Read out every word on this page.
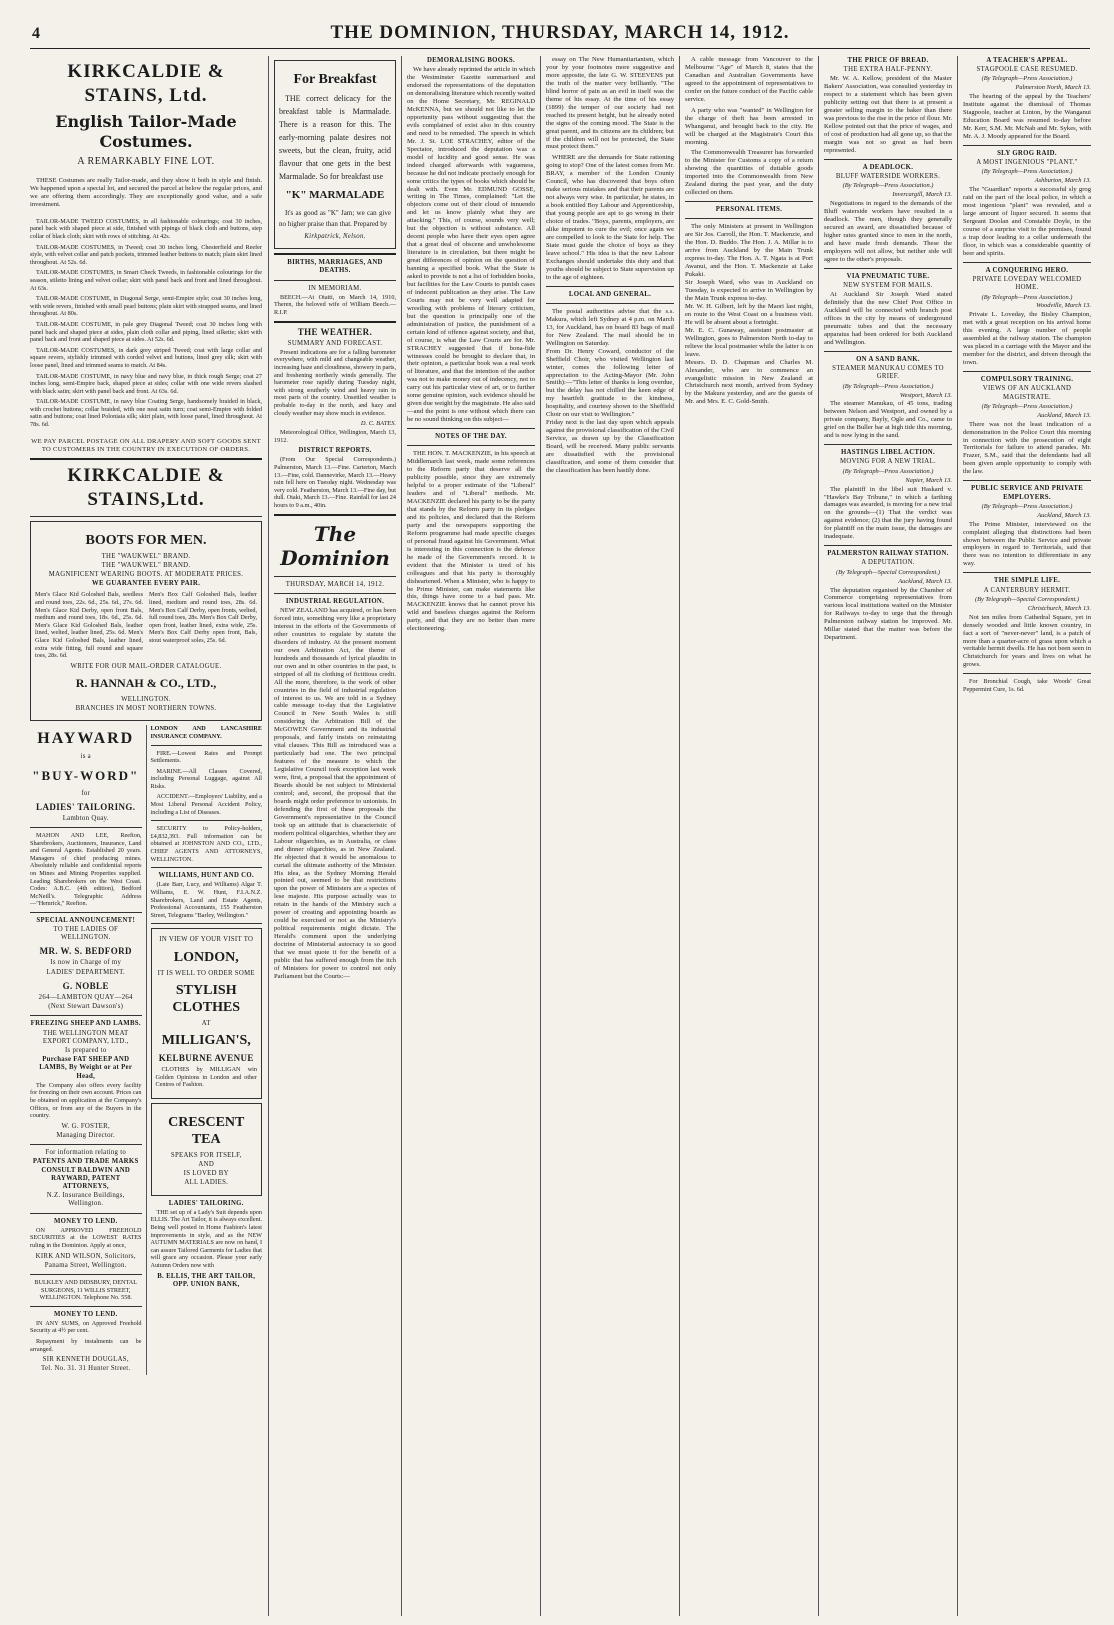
4	THE DOMINION, THURSDAY, MARCH 14, 1912.
KIRKCALDIE & STAINS, Ltd.
English Tailor-Made Costumes.
A REMARKABLY FINE LOT.

THESE Costumes are really Tailor-made, and they show it both in style and finish. We happened upon a special lot, and secured the parcel at below the regular prices, and we are offering them accordingly. They are exceptionally good value, and a safe investment.

TAILOR-MADE TWEED COSTUMES, in all fashionable colourings; coat 30 inches, panel back with shaped piece at side, finished with pipings of black cloth and buttons, step collar of black cloth; skirt with rows of stitching. At 42s.

TAILOR-MADE COSTUMES, in Tweed; coat 30 inches long, Chesterfield and Reefer style, with velvet collar and patch pockets, trimmed leather buttons to match; plain skirt lined throughout. At 52s. 6d.

TAILOR-MADE COSTUMES, in Smart Check Tweeds, in fashionable colourings for the season, stiletto lining and velvet collar; skirt with panel back and front and lined throughout. At 63s.

TAILOR-MADE COSTUME, in Diagonal Serge, semi-Empire style; coat 30 inches long, with wide revers, finished with small pearl buttons; plain skirt with strapped seams, and lined throughout. At 80s.

TAILOR-MADE COSTUME, in pale grey Diagonal Tweed; coat 30 inches long with panel back and shaped piece at sides, plain cloth collar and piping, lined silkette; skirt with panel back and front and shaped piece at sides. At 52s. 6d.

TAILOR-MADE COSTUMES, in dark grey striped Tweed; coat with large collar and square revers, stylishly trimmed with corded velvet and buttons, lined grey silk; skirt with loose panel, lined and trimmed seams to match. At 84s.

TAILOR-MADE COSTUME, in navy blue and navy blue, in thick rough Serge; coat 27 inches long, semi-Empire back, shaped piece at sides; collar with one wide revers slashed with black satin; skirt with panel back and front. At 63s. 6d.

TAILOR-MADE COSTUME, in navy blue Coating Serge, handsomely braided in black, with crochet buttons; collar braided, with one neat satin turn; coat semi-Empire with folded satin and buttons; coat lined Poloniaia silk; skirt plain, with loose panel, lined throughout. At 78s. 6d.

WE PAY PARCEL POSTAGE ON ALL DRAPERY AND SOFT GOODS SENT TO CUSTOMERS IN THE COUNTRY IN EXECUTION OF ORDERS.

KIRKCALDIE & STAINS,Ltd.
BOOTS FOR MEN.
THE "WAUKWEL" BRAND.
THE "WAUKWEL" BRAND.
MAGNIFICENT WEARING BOOTS. AT MODERATE PRICES.
WE GUARANTEE EVERY PAIR.
Men's Glace Kid Goloshed Bals, seedless and round toes, 22s. 6d., 25s. 6d., 27s. 6d. Men's Glace Kid Derby, open front Bals, medium and round toes, 18s. 6d., 25s. 6d. Men's Glace Kid Goloshed Bals, leather lined, welted, leather lined, 25s. 6d. Men's Glace Kid Goloshed Bals, leather lined, extra wide fitting, full round and square toes, 28s. 6d.
Men's Box Calf Goloshed Bals, leather lined, medium and round toes, 28s. 6d. Men's Box Calf Derby, open fronts, welted, full round toes, 28s. Men's Box Calf Derby, open front, leather lined, extra wide, 25s. Men's Box Calf Derby open front, Bals, stout waterproof soles, 25s. 6d.
WRITE FOR OUR MAIL-ORDER CATALOGUE.
R. HANNAH & CO., LTD.,
WELLINGTON.
BRANCHES IN MOST NORTHERN TOWNS.
HAYWARD
is a
"BUY-WORD"
for
LADIES' TAILORING.
Lambton Quay.

MAHON AND LEE, Reefton, Sharebrokers, Auctioneers, Insurance, Land and General Agents. Established 20 years. Managers of chief producing mines. Absolutely reliable and confidential reports on Mines and Mining Properties supplied. Leading Sharebrokers on the West Coast. Codes: A.B.C. (4th edition), Bedford McNeill's. Telegraphic Address—"Hemrick," Reefton.

SPECIAL ANNOUNCEMENT!
TO THE LADIES OF WELLINGTON.
MR. W. S. BEDFORD
Is now in Charge of my
LADIES' DEPARTMENT.
G. NOBLE
264—LAMBTON QUAY—264
(Next Stewart Dawson's)
FREEZING SHEEP AND LAMBS.
THE WELLINGTON MEAT EXPORT COMPANY, LTD.,
Is prepared to
Purchase FAT SHEEP AND LAMBS, By Weight or at Per Head,

The Company also offers every facility for freezing on their own account. Prices can be obtained on application at the Company's Offices, or from any of the Buyers in the country.

W. G. FOSTER,
Managing Director.
For information relating to
PATENTS AND TRADE MARKS CONSULT BALDWIN AND RAYWARD, PATENT ATTORNEYS,
N.Z. Insurance Buildings, Wellington.
MONEY TO LEND.

ON APPROVED FREEHOLD SECURITIES at the LOWEST RATES ruling in the Dominion. Apply at once,

KIRK AND WILSON, Solicitors,
Panama Street, Wellington.

BULKLEY AND DIDSBURY, DENTAL SURGEONS, 11 WILLIS STREET, WELLINGTON. Telephone No. 558.

MONEY TO LEND.

IN ANY SUMS, on Approved Freehold Security at 4½ per cent.

Repayment by instalments can be arranged.

SIR KENNETH DOUGLAS,
Tel. No. 31. 31 Hunter Street.

LONDON AND LANCASHIRE INSURANCE COMPANY.

FIRE.—Lowest Rates and Prompt Settlements.

MARINE.—All Classes Covered, including Personal Luggage, against All Risks.

ACCIDENT.—Employers' Liability, and a Most Liberal Personal Accident Policy, including a List of Diseases.

SECURITY to Policy-holders, £4,832,393. Full information can be obtained at JOHNSTON AND CO., LTD., CHIEF AGENTS AND ATTORNEYS, WELLINGTON.

WILLIAMS, HUNT AND CO.

(Late Barr, Lucy, and Williams) Algar T. Williams, E. W. Hunt, F.I.A.N.Z. Sharebrokers, Land and Estate Agents, Professional Accountants, 155 Featherston Street, Telegrams "Barley, Wellington."

IN VIEW OF YOUR VISIT TO
LONDON,
IT IS WELL TO ORDER SOME
STYLISH CLOTHES
AT
MILLIGAN'S,
KELBURNE AVENUE

CLOTHES by MILLIGAN win Golden Opinions in London and other Centres of Fashion.

CRESCENT TEA
SPEAKS FOR ITSELF,
AND
IS LOVED BY
ALL LADIES.
LADIES' TAILORING.

THE set up of a Lady's Suit depends upon ELLIS. The Art Tailor, it is always excellent. Being well posted in Home Fashion's latest improvements in style, and as the NEW AUTUMN MATERIALS are now on hand, I can assure Tailored Garments for Ladies that will grace any occasion. Please your early Autumn Orders now with

B. ELLIS, THE ART TAILOR, OPP. UNION BANK,
For Breakfast

THE correct delicacy for the breakfast table is Marmalade. There is a reason for this. The early-morning palate desires not sweets, but the clean, fruity, acid flavour that one gets in the best Marmalade. So for breakfast use

"K" MARMALADE

It's as good as "K" Jam; we can give no higher praise than that. Prepared by

Kirkpatrick, Nelson.
BIRTHS, MARRIAGES, AND DEATHS.
IN MEMORIAM.

BEECH.—At Otaiti, on March 14, 1910, Theren, the beloved wife of William Beech.—R.I.P.

THE WEATHER.
SUMMARY AND FORECAST.

Present indications are for a falling barometer everywhere, with mild and changeable weather, increasing haze and cloudiness, showery in parts, and freshening northerly winds generally. The barometer rose rapidly during Tuesday night, with strong southerly wind and heavy rain in most parts of the country. Unsettled weather is probable to-day in the north, and hazy and cloudy weather may show much in evidence.

D. C. BATES.

Meteorological Office, Wellington, March 13, 1912.

DISTRICT REPORTS.

(From Our Special Correspondents.) Palmerston, March 13.—Fine. Carterton, March 13.—Fine, cold. Dannevirke, March 13.—Heavy rain fell here on Tuesday night. Wednesday was very cold. Featherston, March 13.—Fine day, but dull. Otaki, March 13.—Fine. Rainfall for last 24 hours to 9 a.m., 40in.

The Dominion
THURSDAY, MARCH 14, 1912.
INDUSTRIAL REGULATION.

NEW ZEALAND has acquired, or has been forced into, something very like a proprietary interest in the efforts of the Governments of other countries to regulate by statute the disorders of industry. At the present moment our own Arbitration Act, the theme of hundreds and thousands of lyrical plaudits in our own and in other countries in the past, is stripped of all its clothing of fictitious credit. All the more, therefore, is the work of other countries in the field of industrial regulation of interest to us. We are told in a Sydney cable message to-day that the Legislative Council in New South Wales is still considering the Arbitration Bill of the McGOWEN Government and its industrial proposals, and fairly insists on reinstating vital clauses. This Bill as introduced was a particularly bad one. The two principal features of the measure to which the Legislative Council took exception last week were, first, a proposal that the appointment of Boards should be not subject to Ministerial control; and, second, the proposal that the boards might order preference to unionists. In defending the first of these proposals the Government's representative in the Council took up an attitude that is characteristic of modern political oligarchies, whether they are Labour oligarchies, as in Australia, or class and dinner oligarchies, as in New Zealand. He objected that it would be anomalous to curtail the ultimate authority of the Minister. His idea, as the Sydney Morning Herald pointed out, seemed to be that restrictions upon the power of Ministers are a species of lese majeste. His purpose actually was to retain in the hands of the Ministry such a power of creating and appointing boards as could be exercised or not as the Ministry's political requirements might dictate. The Herald's comment upon the underlying doctrine of Ministerial autocracy is so good that we must quote it for the benefit of a public that has suffered enough from the itch of Ministers for power to control not only Parliament but the Courts:—

DEMORALISING BOOKS.

We have already reprinted the article in which the Westminster Gazette summarised and endorsed the representations of the deputation on demoralising literature which recently waited on the Home Secretary, Mr. REGINALD McKENNA, but we should not like to let the opportunity pass without suggesting that the evils complained of exist also in this country and need to be remedied. The speech in which Mr. J. St. LOE STRACHEY, editor of the Spectator, introduced the deputation was a model of lucidity and good sense. He was indeed charged afterwards with vagueness, because he did not indicate precisely enough for some critics the types of books which should be dealt with. Even Mr. EDMUND GOSSE, writing in The Times, complained: "Let the objectors come out of their cloud of innuendo and let us know plainly what they are attacking." This, of course, sounds very well; but the objection is without substance. All decent people who have their eyes open agree that a great deal of obscene and unwholesome literature is in circulation, but there might be great differences of opinion on the question of banning a specified book. What the State is asked to provide is not a list of forbidden books, but facilities for the Law Courts to punish cases of indecent publication as they arise. The Law Courts may not be very well adapted for wrestling with problems of literary criticism, but the question is principally one of the administration of justice, the punishment of a certain kind of offence against society, and that, of course, is what the Law Courts are for. Mr. STRACHEY suggested that if bona-fide witnesses could be brought to declare that, in their opinion, a particular book was a real work of literature, and that the intention of the author was not to make money out of indecency, not to carry out his particular view of art, or to further some genuine opinion, such evidence should be given due weight by the magistrate. He also said—and the point is one without which there can be no sound thinking on this subject—

NOTES OF THE DAY.

THE HON. T. MACKENZIE, in his speech at Middlemarch last week, made some references to the Reform party that deserve all the publicity possible, since they are extremely helpful to a proper estimate of the "Liberal" leaders and of "Liberal" methods. Mr. MACKENZIE declared his party to be the party that stands by the Reform party in its pledges and its policies, and declared that the Reform party and the newspapers supporting the Reform programme had made specific charges of personal fraud against his Government. What is interesting in this connection is the defence he made of the Government's record. It is evident that the Minister is tired of his colleagues and that his party is thoroughly disheartened. When a Minister, who is happy to be Prime Minister, can make statements like this, things have come to a bad pass. Mr. MACKENZIE knows that he cannot prove his wild and baseless charges against the Reform party, and that they are no better than mere electioneering.

essay on The New Humanitarianism, which your by your footnotes more suggestive and more apposite, the late G. W. STEEVENS put the truth of the matter very brilliantly. "The blind horror of pain as an evil in itself was the theme of his essay. At the time of his essay (1899) the temper of our society had not reached its present height, but he already noted the signs of the coming mood. The State is the great parent, and its citizens are its children; but if the children will not be protected, the State must protect them."

WHERE are the demands for State rationing going to stop? One of the latest comes from Mr. BRAY, a member of the London County Council, who has discovered that boys often make serious mistakes and that their parents are not always very wise. In particular, he states, in a book entitled Boy Labour and Apprenticeship, that young people are apt to go wrong in their choice of trades. "Boys, parents, employers, are alike impotent to cure the evil; once again we are compelled to look to the State for help. The State must guide the choice of boys as they leave school." His idea is that the new Labour Exchanges should undertake this duty and that youths should be subject to State supervision up to the age of eighteen.

LOCAL AND GENERAL.

The postal authorities advise that the s.s. Makura, which left Sydney at 4 p.m. on March 13, for Auckland, has on board 83 bags of mail for New Zealand. The mail should be in Wellington on Saturday.
From Dr. Henry Coward, conductor of the Sheffield Choir, who visited Wellington last winter, comes the following letter of appreciation to the Acting-Mayor (Mr. John Smith):—"This letter of thanks is long overdue, but the delay has not chilled the keen edge of my heartfelt gratitude to the kindness, hospitality, and courtesy shown to the Sheffield Choir on our visit to Wellington."
Friday next is the last day upon which appeals against the provisional classification of the Civil Service, as drawn up by the Classification Board, will be received. Many public servants are dissatisfied with the provisional classification, and some of them consider that the classification has been hastily done.

A cable message from Vancouver to the Melbourne "Age" of March 8, states that the Canadian and Australian Governments have agreed to the appointment of representatives to confer on the future conduct of the Pacific cable service.

A party who was "wanted" in Wellington for the charge of theft has been arrested in Whanganui, and brought back to the city. He will be charged at the Magistrate's Court this morning.

The Commonwealth Treasurer has forwarded to the Minister for Customs a copy of a return showing the quantities of dutiable goods imported into the Commonwealth from New Zealand during the past year, and the duty collected on them.

PERSONAL ITEMS.

The only Ministers at present in Wellington are Sir Jos. Carroll, the Hon. T. Mackenzie, and the Hon. D. Buddo. The Hon. J. A. Millar is to arrive from Auckland by the Main Trunk express to-day. The Hon. A. T. Ngata is at Port Awanui, and the Hon. T. Mackenzie at Lake Pukaki.
Sir Joseph Ward, who was in Auckland on Tuesday, is expected to arrive in Wellington by the Main Trunk express to-day.
Mr. W. H. Gilbert, left by the Maori last night, en route to the West Coast on a business visit. He will be absent about a fortnight.
Mr. E. C. Gunaway, assistant postmaster at Wellington, goes to Palmerston North to-day to relieve the local postmaster while the latter is on leave.
Messrs. D. D. Chapman and Charles M. Alexander, who are to commence an evangelistic mission in New Zealand at Christchurch next month, arrived from Sydney by the Makura yesterday, and are the guests of Mr. and Mrs. E. C. Gold-Smith.

THE PRICE OF BREAD.
THE EXTRA HALF-PENNY.

Mr. W. A. Kellow, president of the Master Bakers' Association, was consulted yesterday in respect to a statement which has been given publicity setting out that there is at present a greater selling margin to the baker than there was previous to the rise in the price of flour. Mr. Kellow pointed out that the price of wages, and of cost of production had all gone up, so that the margin was not so great as had been represented.

A DEADLOCK.
BLUFF WATERSIDE WORKERS.
(By Telegraph—Press Association.)
Invercargill, March 13.

Negotiations in regard to the demands of the Bluff waterside workers have resulted in a deadlock. The men, though they generally secured an award, are dissatisfied because of higher rates granted since to men in the north, and have made fresh demands. These the employers will not allow, but neither side will agree to the other's proposals.

VIA PNEUMATIC TUBE.
NEW SYSTEM FOR MAILS.

At Auckland Sir Joseph Ward stated definitely that the new Chief Post Office in Auckland will be connected with branch post offices in the city by means of underground pneumatic tubes and that the necessary apparatus had been ordered for both Auckland and Wellington.

ON A SAND BANK.
STEAMER MANUKAU COMES TO GRIEF.
(By Telegraph—Press Association.)
Westport, March 13.

The steamer Manukau, of 45 tons, trading between Nelson and Westport, and owned by a private company, Bayly, Ogle and Co., came to grief on the Buller bar at high tide this morning, and is now lying in the sand.

HASTINGS LIBEL ACTION.
MOVING FOR A NEW TRIAL.
(By Telegraph—Press Association.)
Napier, March 13.

The plaintiff in the libel suit Haskard v. "Hawke's Bay Tribune," in which a farthing damages was awarded, is moving for a new trial on the grounds—(1) That the verdict was against evidence; (2) that the jury having found for plaintiff on the main issue, the damages are inadequate.

PALMERSTON RAILWAY STATION.
A DEPUTATION.
(By Telegraph—Special Correspondent.)
Auckland, March 13.

The deputation organised by the Chamber of Commerce comprising representatives from various local institutions waited on the Minister for Railways to-day to urge that the through Palmerston railway station be improved. Mr. Millar stated that the matter was before the Department.

A TEACHER'S APPEAL.
STAGPOOLE CASE RESUMED.
(By Telegraph—Press Association.)
Palmerston North, March 13.

The hearing of the appeal by the Teachers' Institute against the dismissal of Thomas Stagpoole, teacher at Linton, by the Wanganui Education Board was resumed to-day before Mr. Kerr, S.M. Mr. McNab and Mr. Sykes, with Mr. A. J. Moody appeared for the Board.

SLY GROG RAID.
A MOST INGENIOUS "PLANT."
(By Telegraph—Press Association.)
Ashburton, March 13.

The "Guardian" reports a successful sly grog raid on the part of the local police, in which a most ingenious "plant" was revealed, and a large amount of liquor secured. It seems that Sergeant Doolan and Constable Doyle, in the course of a surprise visit to the premises, found a trap door leading to a cellar underneath the floor, in which was a considerable quantity of beer and spirits.

A CONQUERING HERO.
PRIVATE LOVEDAY WELCOMED HOME.
(By Telegraph—Press Association.)
Woodville, March 13.

Private L. Loveday, the Bisley Champion, met with a great reception on his arrival home this evening. A large number of people assembled at the railway station. The champion was placed in a carriage with the Mayor and the member for the district, and driven through the town.

COMPULSORY TRAINING.
VIEWS OF AN AUCKLAND MAGISTRATE.
(By Telegraph—Press Association.)
Auckland, March 13.

There was not the least indication of a demonstration in the Police Court this morning in connection with the prosecution of eight Territorials for failure to attend parades. Mr. Frazer, S.M., said that the defendants had all been given ample opportunity to comply with the law.

PUBLIC SERVICE AND PRIVATE EMPLOYERS.
(By Telegraph—Press Association.)
Auckland, March 13.

The Prime Minister, interviewed on the complaint alleging that distinctions had been shown between the Public Service and private employers in regard to Territorials, said that there was no intention to differentiate in any way.

THE SIMPLE LIFE.
A CANTERBURY HERMIT.
(By Telegraph—Special Correspondent.)
Christchurch, March 13.

Not ten miles from Cathedral Square, yet in densely wooded and little known country, in fact a sort of "never-never" land, is a patch of more than a quarter-acre of grass upon which a veritable hermit dwells. He has not been seen in Christchurch for years and lives on what he grows.

For Bronchial Cough, take Woods' Great Peppermint Cure, 1s. 6d.
